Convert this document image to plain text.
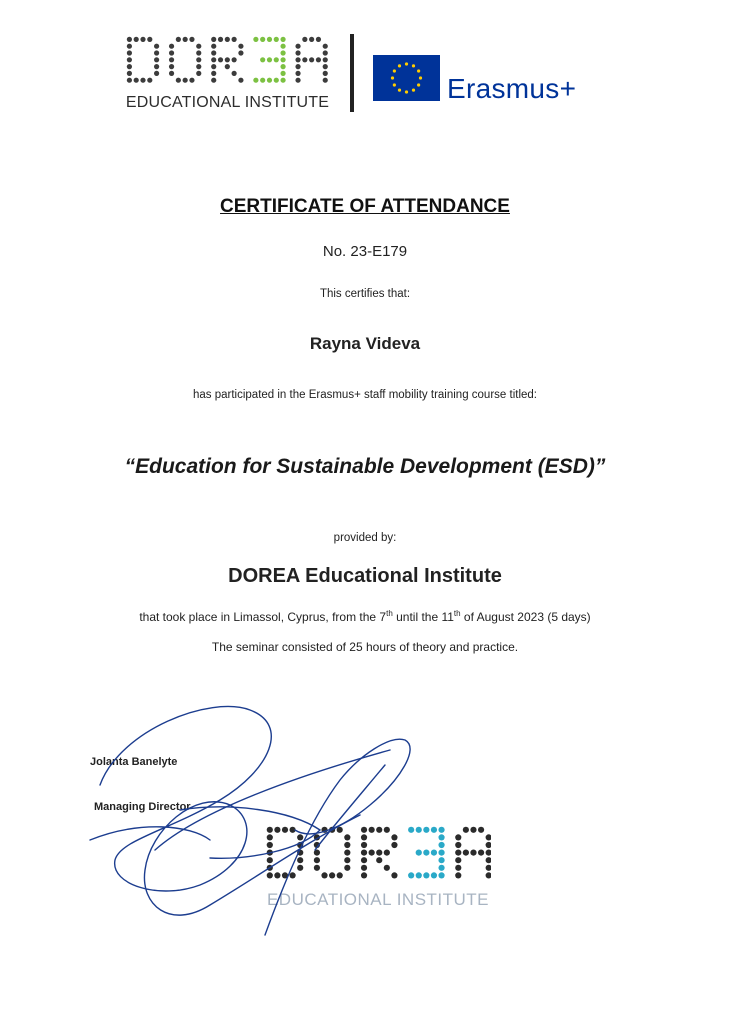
EDUCATIONAL INSTITUTE	Erasmus+
CERTIFICATE OF ATTENDANCE
No. 23-E179
This certifies that:
Rayna Videva
has participated in the Erasmus+ staff mobility training course titled:
“Education for Sustainable Development (ESD)”
provided by:
DOREA Educational Institute
that took place in Limassol, Cyprus, from the 7th until the 11th of August 2023 (5 days)
The seminar consisted of 25 hours of theory and practice.
Jolanta Banelyte
Managing Director
EDUCATIONAL INSTITUTE
